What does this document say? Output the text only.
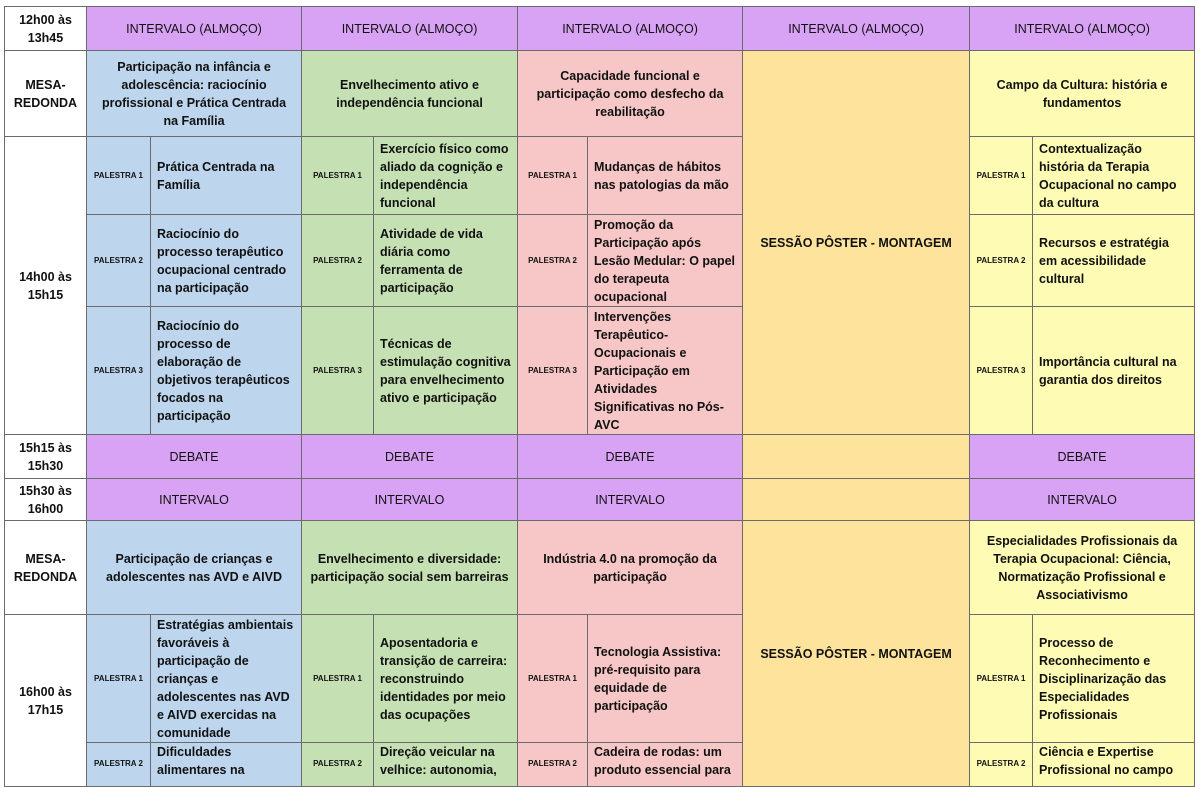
12h00 às 13h45	INTERVALO (ALMOÇO)		INTERVALO (ALMOÇO)		INTERVALO (ALMOÇO)		INTERVALO (ALMOÇO)	INTERVALO (ALMOÇO)	
MESA-REDONDA	Participação na infância e adolescência: raciocínio profissional e Prática Centrada na Família		Envelhecimento ativo e independência funcional		Capacidade funcional e participação como desfecho da reabilitação		SESSÃO PÔSTER - MONTAGEM	Campo da Cultura: história e fundamentos	
14h00 às 15h15	PALESTRA 1	Prática Centrada na Família	PALESTRA 1	Exercício físico como aliado da cognição e independência funcional	PALESTRA 1	Mudanças de hábitos nas patologias da mão		PALESTRA 1	Contextualização história da Terapia Ocupacional no campo da cultura
	PALESTRA 2	Raciocínio do processo terapêutico ocupacional centrado na participação	PALESTRA 2	Atividade de vida diária como ferramenta de participação	PALESTRA 2	Promoção da Participação após Lesão Medular: O papel do terapeuta ocupacional		PALESTRA 2	Recursos e estratégia em acessibilidade cultural
	PALESTRA 3	Raciocínio do processo de elaboração de objetivos terapêuticos focados na participação	PALESTRA 3	Técnicas de estimulação cognitiva para envelhecimento ativo e participação	PALESTRA 3	Intervenções Terapêutico-Ocupacionais e Participação em Atividades Significativas no Pós-AVC		PALESTRA 3	Importância cultural na garantia dos direitos
15h15 às 15h30	DEBATE		DEBATE		DEBATE			DEBATE	
15h30 às 16h00	INTERVALO		INTERVALO		INTERVALO			INTERVALO	
MESA-REDONDA	Participação de crianças e adolescentes nas AVD e AIVD		Envelhecimento e diversidade: participação social sem barreiras		Indústria 4.0 na promoção da participação		SESSÃO PÔSTER - MONTAGEM	Especialidades Profissionais da Terapia Ocupacional: Ciência, Normatização Profissional e Associativismo	
16h00 às 17h15	PALESTRA 1	Estratégias ambientais favoráveis à participação de crianças e adolescentes nas AVD e AIVD exercidas na comunidade	PALESTRA 1	Aposentadoria e transição de carreira: reconstruindo identidades por meio das ocupações	PALESTRA 1	Tecnologia Assistiva: pré-requisito para equidade de participação		PALESTRA 1	Processo de Reconhecimento e Disciplinarização das Especialidades Profissionais
	PALESTRA 2	Dificuldades alimentares na	PALESTRA 2	Direção veicular na velhice: autonomia,	PALESTRA 2	Cadeira de rodas: um produto essencial para		PALESTRA 2	Ciência e Expertise Profissional no campo
